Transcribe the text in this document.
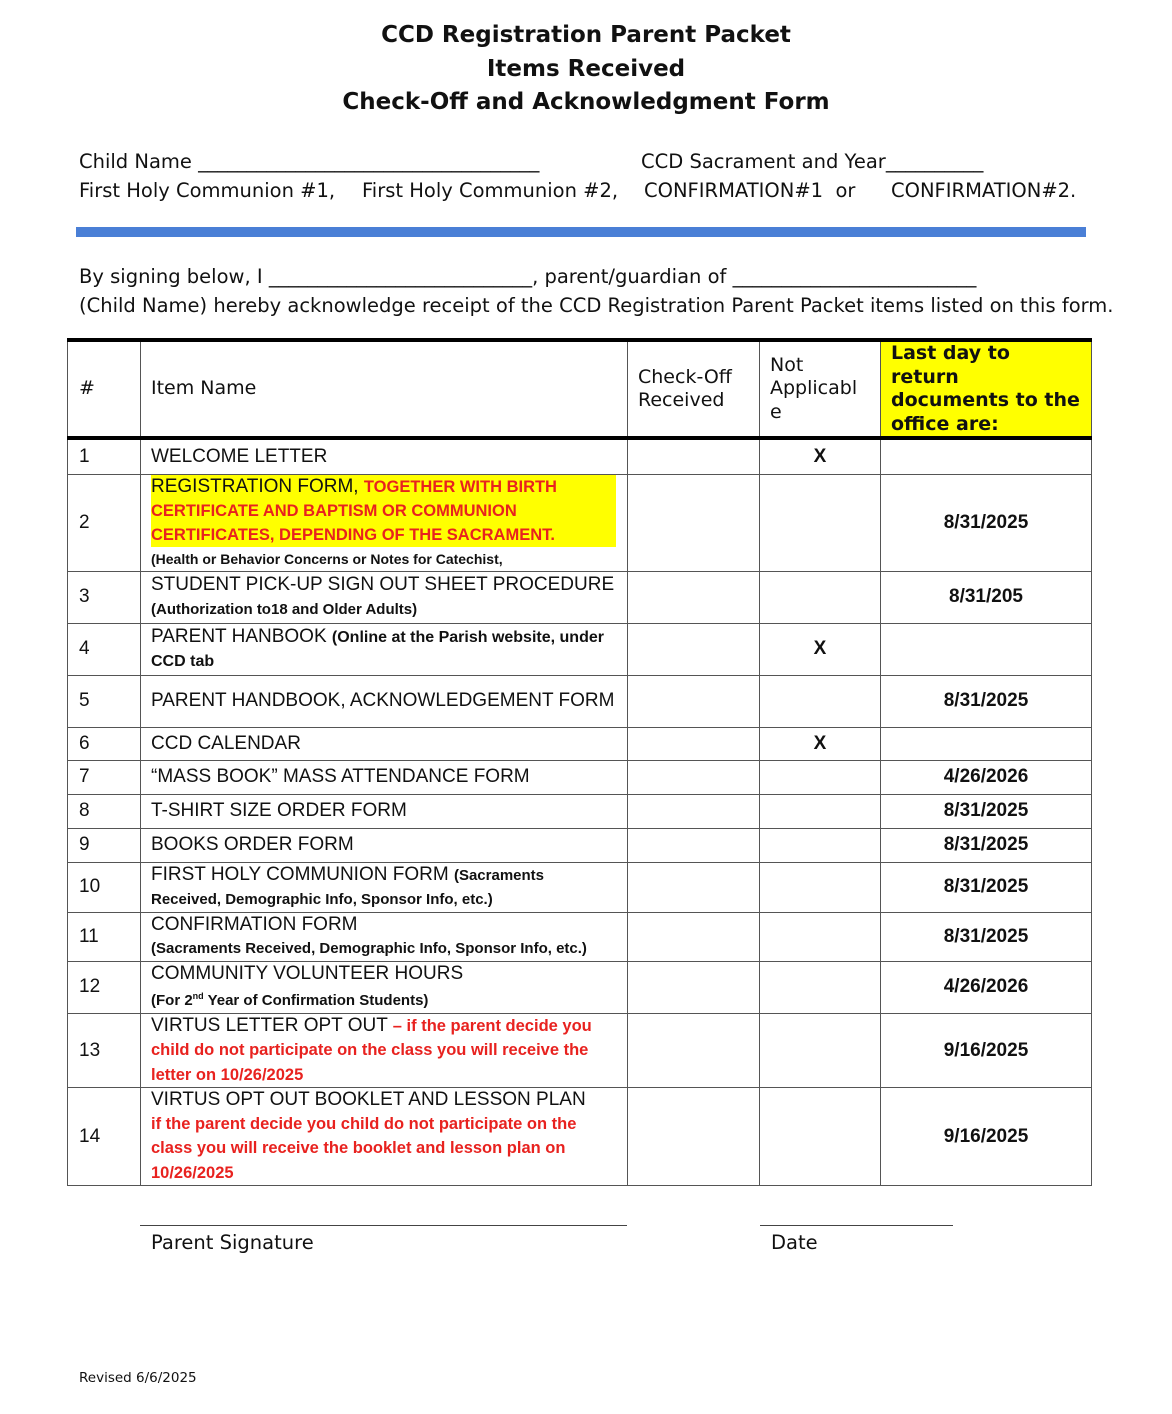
CCD Registration Parent Packet
Items Received
Check-Off and Acknowledgment Form
Child Name ___________________________________	CCD Sacrament and Year__________
First Holy Communion #1, First Holy Communion #2, CONFIRMATION#1  or CONFIRMATION#2.
By signing below, I ___________________________, parent/guardian of _________________________
(Child Name) hereby acknowledge receipt of the CCD Registration Parent Packet items listed on this form.
#	Item Name	Check-Off Received	Not Applicabl e	Last day to return documents to the office are:
1	WELCOME LETTER		X	
2	REGISTRATION FORM, TOGETHER WITH BIRTH CERTIFICATE AND BAPTISM OR COMMUNION CERTIFICATES, DEPENDING OF THE SACRAMENT.
(Health or Behavior Concerns or Notes for Catechist,			8/31/2025
3	STUDENT PICK-UP SIGN OUT SHEET PROCEDURE (Authorization to18 and Older Adults)			8/31/205
4	PARENT HANBOOK (Online at the Parish website, under CCD tab		X	
5	PARENT HANDBOOK, ACKNOWLEDGEMENT FORM			8/31/2025
6	CCD CALENDAR		X	
7	“MASS BOOK” MASS ATTENDANCE FORM			4/26/2026
8	T-SHIRT SIZE ORDER FORM			8/31/2025
9	BOOKS ORDER FORM			8/31/2025
10	FIRST HOLY COMMUNION FORM (Sacraments Received, Demographic Info, Sponsor Info, etc.)			8/31/2025
11	CONFIRMATION FORM
(Sacraments Received, Demographic Info, Sponsor Info, etc.)			8/31/2025
12	COMMUNITY VOLUNTEER HOURS
(For 2nd Year of Confirmation Students)			4/26/2026
13	VIRTUS LETTER OPT OUT – if the parent decide you child do not participate on the class you will receive the letter on 10/26/2025			9/16/2025
14	VIRTUS OPT OUT BOOKLET AND LESSON PLAN
if the parent decide you child do not participate on the class you will receive the booklet and lesson plan on 10/26/2025			9/16/2025
Parent Signature	Date
Revised 6/6/2025
